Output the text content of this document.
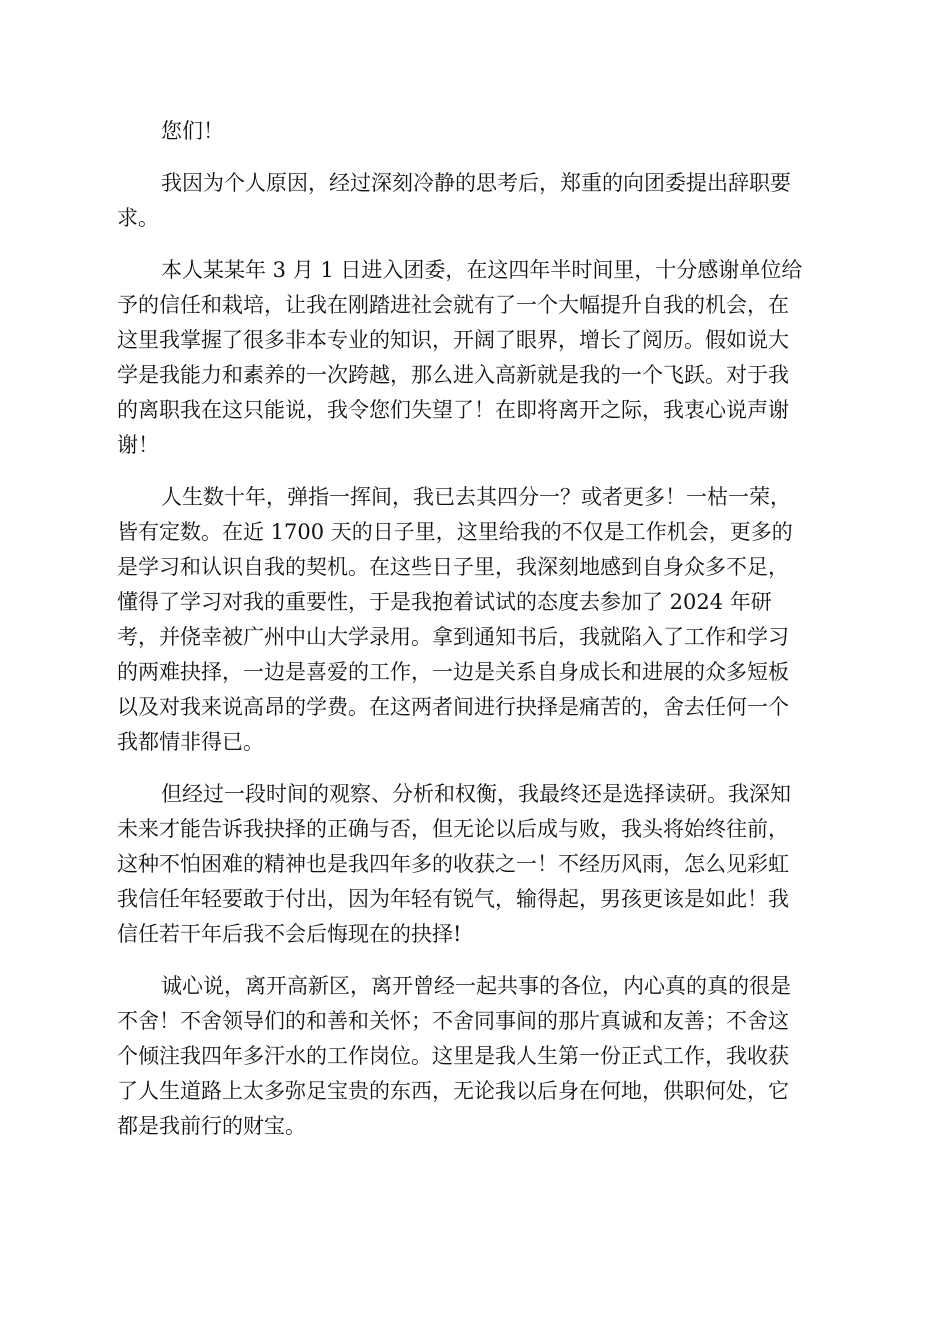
您们！

我因为个人原因，经过深刻冷静的思考后，郑重的向团委提出辞职要
求。

本人某某年 3 月 1 日进入团委，在这四年半时间里，十分感谢单位给
予的信任和栽培，让我在刚踏进社会就有了一个大幅提升自我的机会，在
这里我掌握了很多非本专业的知识，开阔了眼界，增长了阅历。假如说大
学是我能力和素养的一次跨越，那么进入高新就是我的一个飞跃。对于我
的离职我在这只能说，我令您们失望了！在即将离开之际，我衷心说声谢
谢！

人生数十年，弹指一挥间，我已去其四分一？或者更多！一枯一荣，
皆有定数。在近 1700 天的日子里，这里给我的不仅是工作机会，更多的
是学习和认识自我的契机。在这些日子里，我深刻地感到自身众多不足，
懂得了学习对我的重要性，于是我抱着试试的态度去参加了 2024 年研
考，并侥幸被广州中山大学录用。拿到通知书后，我就陷入了工作和学习
的两难抉择，一边是喜爱的工作，一边是关系自身成长和进展的众多短板
以及对我来说高昂的学费。在这两者间进行抉择是痛苦的，舍去任何一个
我都情非得已。

但经过一段时间的观察、分析和权衡，我最终还是选择读研。我深知
未来才能告诉我抉择的正确与否，但无论以后成与败，我头将始终往前，
这种不怕困难的精神也是我四年多的收获之一！不经历风雨，怎么见彩虹
我信任年轻要敢于付出，因为年轻有锐气，输得起，男孩更该是如此！我
信任若干年后我不会后悔现在的抉择!

诚心说，离开高新区，离开曾经一起共事的各位，内心真的真的很是
不舍！不舍领导们的和善和关怀；不舍同事间的那片真诚和友善；不舍这
个倾注我四年多汗水的工作岗位。这里是我人生第一份正式工作，我收获
了人生道路上太多弥足宝贵的东西，无论我以后身在何地，供职何处，它
都是我前行的财宝。
